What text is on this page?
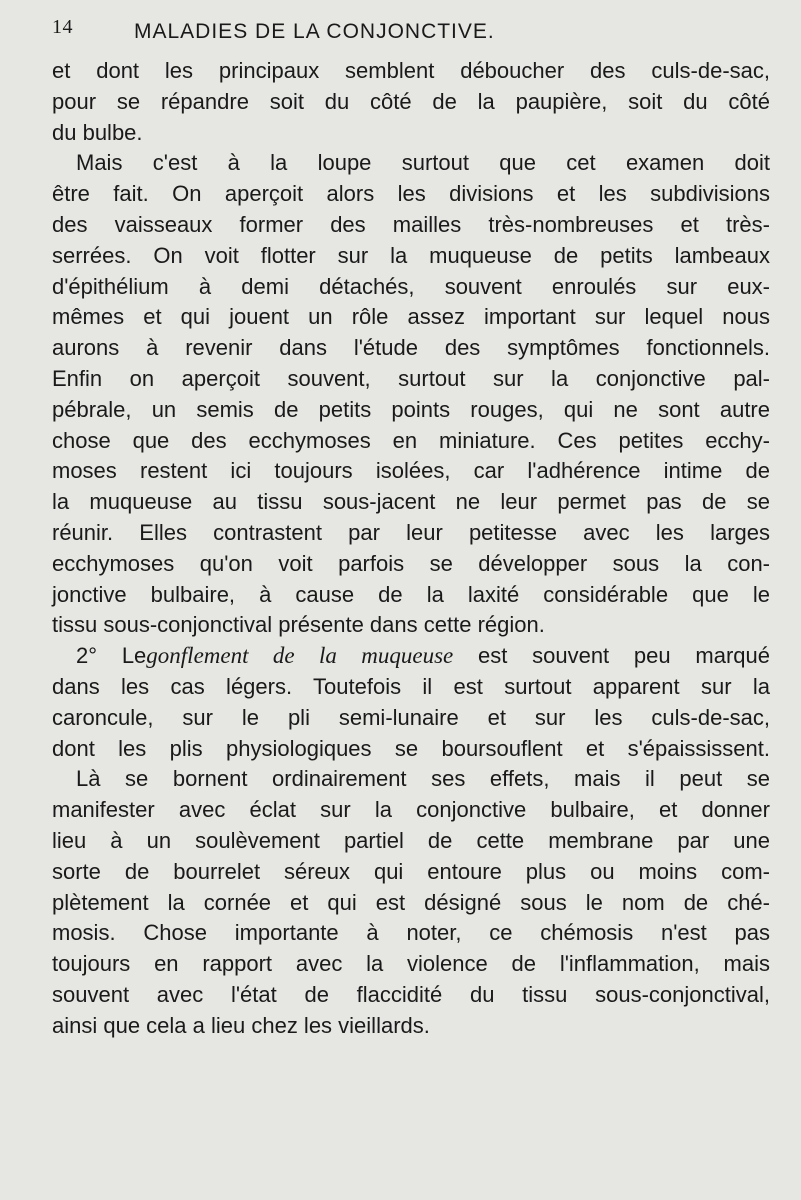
14	MALADIES DE LA CONJONCTIVE.
et dont les principaux semblent déboucher des culs-de-sac,
pour se répandre soit du côté de la paupière, soit du côté
du bulbe.
Mais c'est à la loupe surtout que cet examen doit
être fait. On aperçoit alors les divisions et les subdivisions
des vaisseaux former des mailles très-nombreuses et très-
serrées. On voit flotter sur la muqueuse de petits lambeaux
d'épithélium à demi détachés, souvent enroulés sur eux-
mêmes et qui jouent un rôle assez important sur lequel nous
aurons à revenir dans l'étude des symptômes fonctionnels.
Enfin on aperçoit souvent, surtout sur la conjonctive pal-
pébrale, un semis de petits points rouges, qui ne sont autre
chose que des ecchymoses en miniature. Ces petites ecchy-
moses restent ici toujours isolées, car l'adhérence intime de
la muqueuse au tissu sous-jacent ne leur permet pas de se
réunir. Elles contrastent par leur petitesse avec les larges
ecchymoses qu'on voit parfois se développer sous la con-
jonctive bulbaire, à cause de la laxité considérable que le
tissu sous-conjonctival présente dans cette région.
2° Legonflement de la muqueuse est souvent peu marqué
dans les cas légers. Toutefois il est surtout apparent sur la
caroncule, sur le pli semi-lunaire et sur les culs-de-sac,
dont les plis physiologiques se boursouflent et s'épaississent.
Là se bornent ordinairement ses effets, mais il peut se
manifester avec éclat sur la conjonctive bulbaire, et donner
lieu à un soulèvement partiel de cette membrane par une
sorte de bourrelet séreux qui entoure plus ou moins com-
plètement la cornée et qui est désigné sous le nom de ché-
mosis. Chose importante à noter, ce chémosis n'est pas
toujours en rapport avec la violence de l'inflammation, mais
souvent avec l'état de flaccidité du tissu sous-conjonctival,
ainsi que cela a lieu chez les vieillards.
